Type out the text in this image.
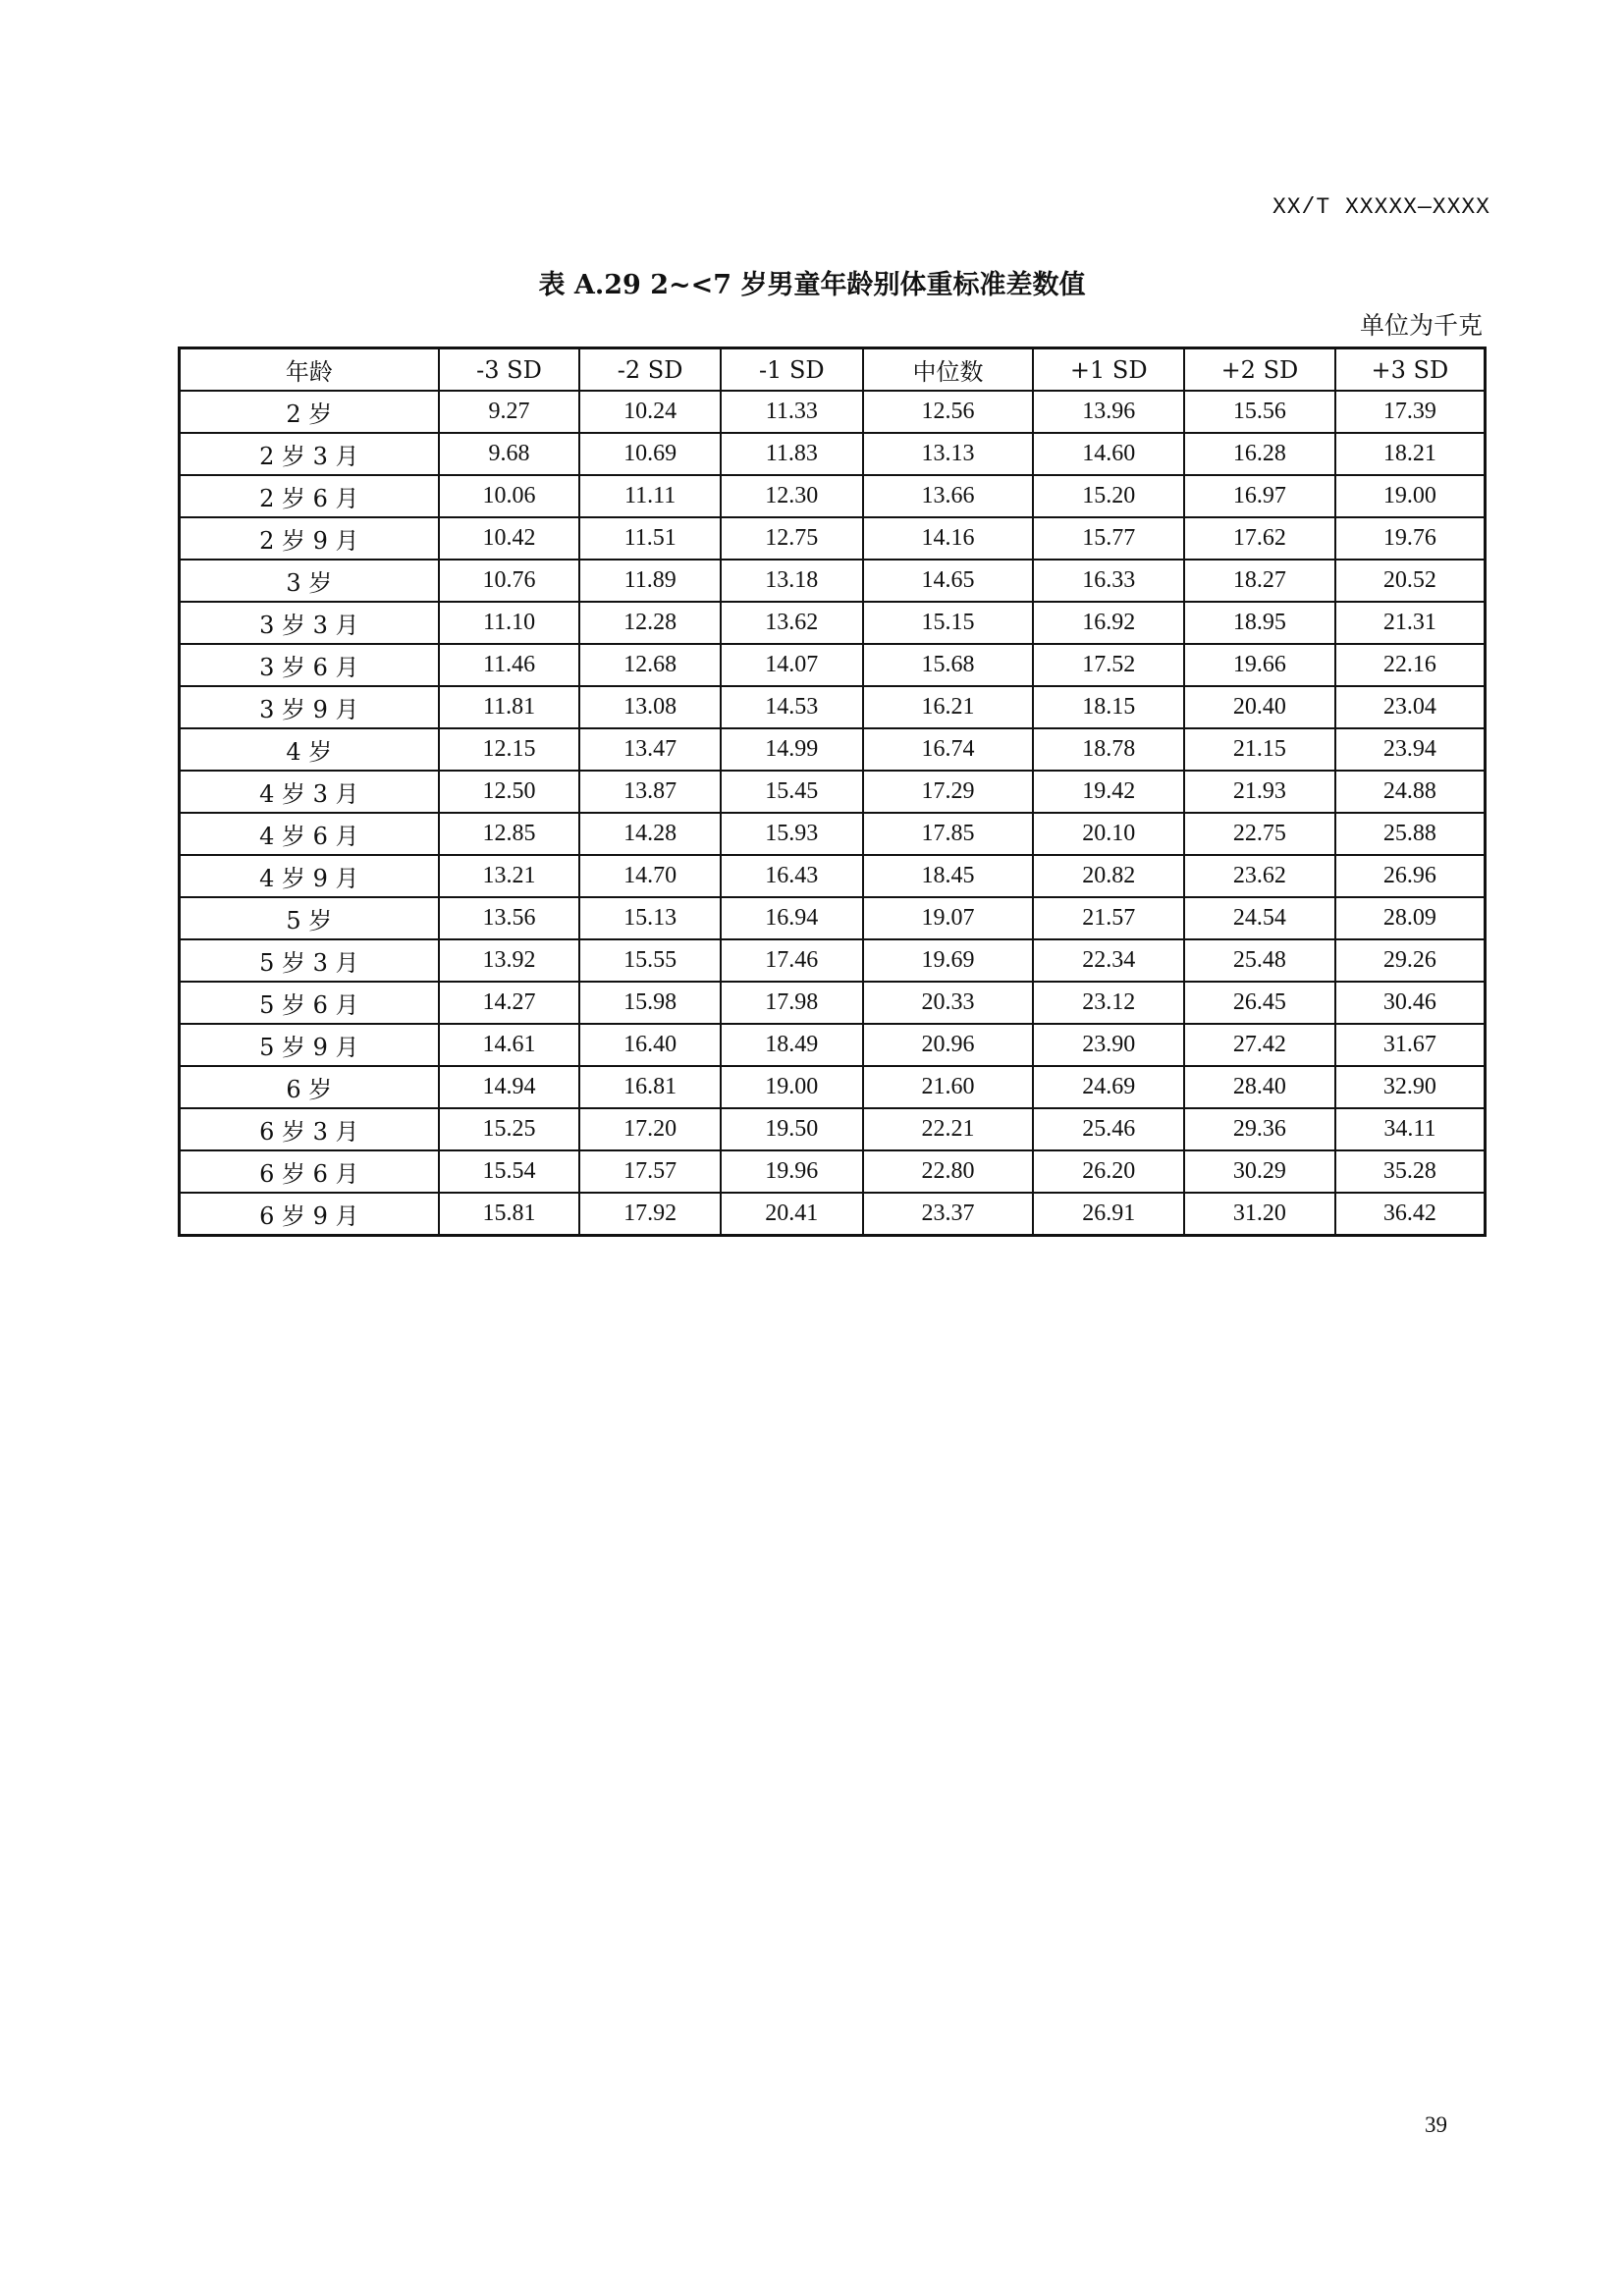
XX/T XXXXX—XXXX
表 A.29 2~<7 岁男童年龄别体重标准差数值
单位为千克
年龄	-3 SD	-2 SD	-1 SD	中位数	+1 SD	+2 SD	+3 SD
2 岁	9.27	10.24	11.33	12.56	13.96	15.56	17.39
2 岁 3 月	9.68	10.69	11.83	13.13	14.60	16.28	18.21
2 岁 6 月	10.06	11.11	12.30	13.66	15.20	16.97	19.00
2 岁 9 月	10.42	11.51	12.75	14.16	15.77	17.62	19.76
3 岁	10.76	11.89	13.18	14.65	16.33	18.27	20.52
3 岁 3 月	11.10	12.28	13.62	15.15	16.92	18.95	21.31
3 岁 6 月	11.46	12.68	14.07	15.68	17.52	19.66	22.16
3 岁 9 月	11.81	13.08	14.53	16.21	18.15	20.40	23.04
4 岁	12.15	13.47	14.99	16.74	18.78	21.15	23.94
4 岁 3 月	12.50	13.87	15.45	17.29	19.42	21.93	24.88
4 岁 6 月	12.85	14.28	15.93	17.85	20.10	22.75	25.88
4 岁 9 月	13.21	14.70	16.43	18.45	20.82	23.62	26.96
5 岁	13.56	15.13	16.94	19.07	21.57	24.54	28.09
5 岁 3 月	13.92	15.55	17.46	19.69	22.34	25.48	29.26
5 岁 6 月	14.27	15.98	17.98	20.33	23.12	26.45	30.46
5 岁 9 月	14.61	16.40	18.49	20.96	23.90	27.42	31.67
6 岁	14.94	16.81	19.00	21.60	24.69	28.40	32.90
6 岁 3 月	15.25	17.20	19.50	22.21	25.46	29.36	34.11
6 岁 6 月	15.54	17.57	19.96	22.80	26.20	30.29	35.28
6 岁 9 月	15.81	17.92	20.41	23.37	26.91	31.20	36.42
39
